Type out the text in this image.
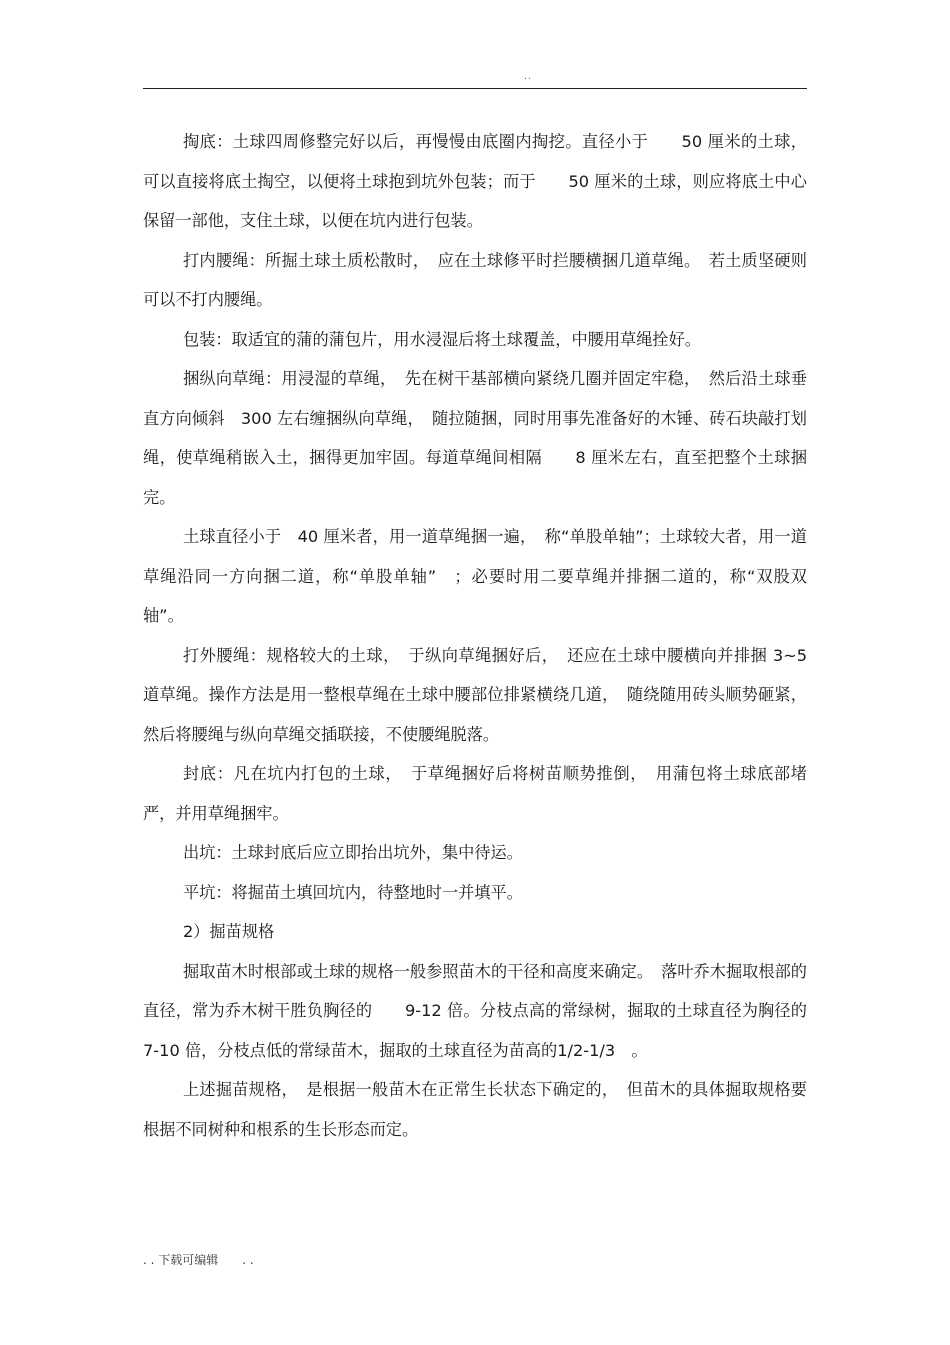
..

掏底：土球四周修整完好以后，再慢慢由底圈内掏挖。直径小于　　50 厘米的土球，可以直接将底土掏空，以便将土球抱到坑外包装；而于　　50 厘米的土球，则应将底土中心保留一部他，支住土球，以便在坑内进行包装。

打内腰绳：所掘土球土质松散时，　应在土球修平时拦腰横捆几道草绳。　若土质坚硬则可以不打内腰绳。

包装：取适宜的蒲的蒲包片，用水浸湿后将土球覆盖，中腰用草绳拴好。

捆纵向草绳：用浸湿的草绳，　先在树干基部横向紧绕几圈并固定牢稳，　然后沿土球垂直方向倾斜　300 左右缠捆纵向草绳，　随拉随捆，同时用事先准备好的木锤、砖石块敲打划绳，使草绳稍嵌入土，捆得更加牢固。每道草绳间相隔　　8 厘米左右，直至把整个土球捆完。

土球直径小于　40 厘米者，用一道草绳捆一遍，　称“单股单轴”；土球较大者，用一道草绳沿同一方向捆二道，称“单股单轴”　；必要时用二要草绳并排捆二道的，称“双股双轴”。

打外腰绳：规格较大的土球，　于纵向草绳捆好后，　还应在土球中腰横向并排捆 3~5 道草绳。操作方法是用一整根草绳在土球中腰部位排紧横绕几道，　随绕随用砖头顺势砸紧，然后将腰绳与纵向草绳交插联接，不使腰绳脱落。

封底：凡在坑内打包的土球，　于草绳捆好后将树苗顺势推倒，　用蒲包将土球底部堵严，并用草绳捆牢。

出坑：土球封底后应立即抬出坑外，集中待运。

平坑：将掘苗土填回坑内，待整地时一并填平。

2）掘苗规格

掘取苗木时根部或土球的规格一般参照苗木的干径和高度来确定。　落叶乔木掘取根部的直径，常为乔木树干胜负胸径的　　9-12 倍。分枝点高的常绿树，掘取的土球直径为胸径的　7-10 倍，分枝点低的常绿苗木，掘取的土球直径为苗高的1/2-1/3　。

上述掘苗规格，　是根据一般苗木在正常生长状态下确定的，　但苗木的具体掘取规格要根据不同树种和根系的生长形态而定。

. . 下载可编辑　　. .
